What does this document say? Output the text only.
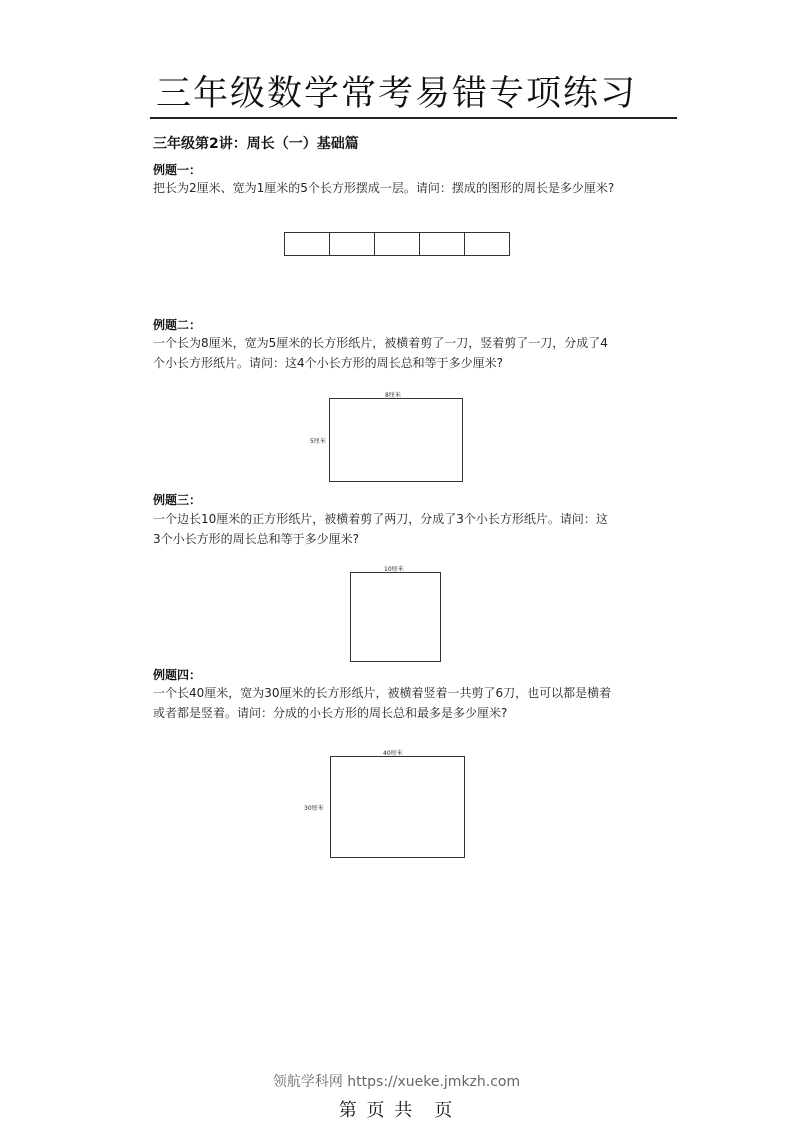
三年级数学常考易错专项练习
三年级第2讲：周长（一）基础篇
例题一：
把长为2厘米、宽为1厘米的5个长方形摆成一层。请问：摆成的图形的周长是多少厘米?
例题二：
一个长为8厘米，宽为5厘米的长方形纸片，被横着剪了一刀，竖着剪了一刀，分成了4
个小长方形纸片。请问：这4个小长方形的周长总和等于多少厘米?
8厘米
5厘米
例题三：
一个边长10厘米的正方形纸片，被横着剪了两刀，分成了3个小长方形纸片。请问：这
3个小长方形的周长总和等于多少厘米?
10厘米
例题四：
一个长40厘米，宽为30厘米的长方形纸片，被横着竖着一共剪了6刀，也可以都是横着
或者都是竖着。请问：分成的小长方形的周长总和最多是多少厘米?
40厘米
30厘米
领航学科网 https://xueke.jmkzh.com
第 页 共　页
